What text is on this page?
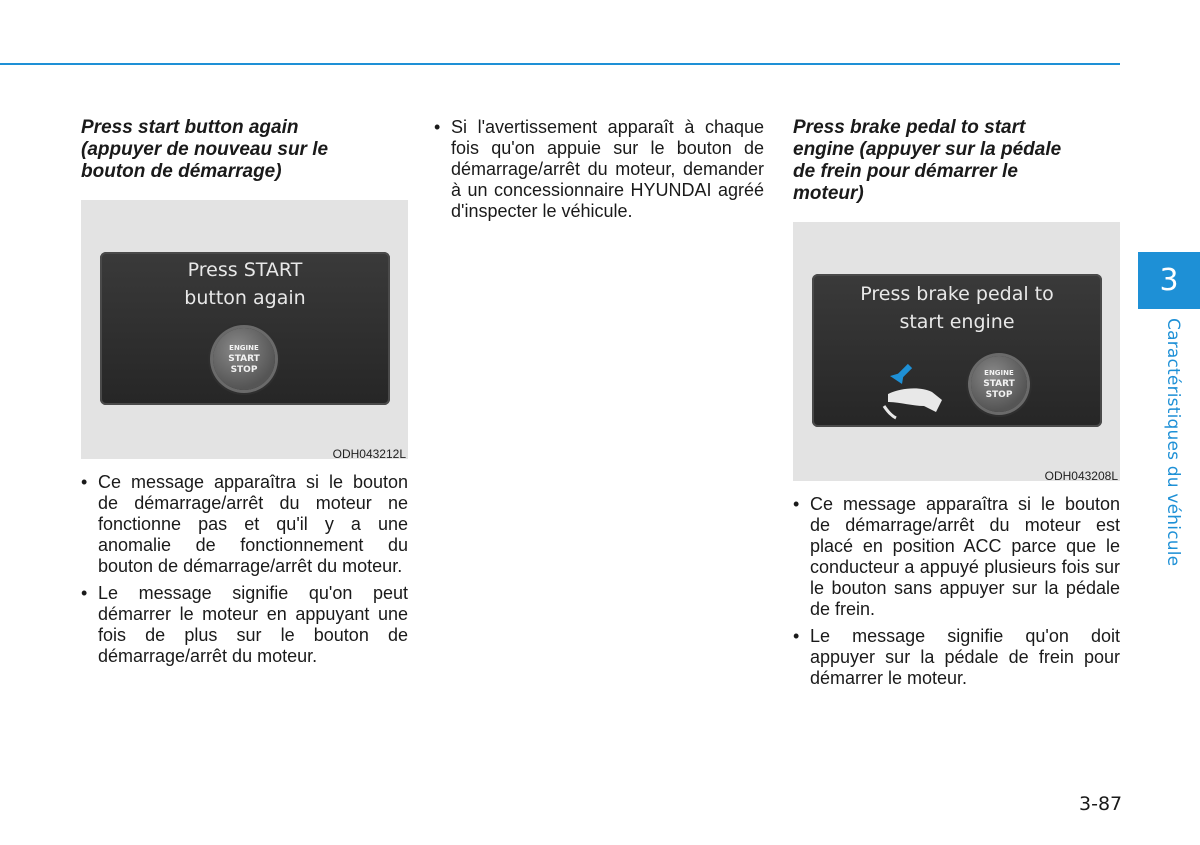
Press start button again
(appuyer de nouveau sur le
bouton de démarrage)
Press START
button again
ENGINE
START
STOP
ODH043212L
• Ce message apparaîtra si le bouton de démarrage/arrêt du moteur ne fonctionne pas et qu'il y a une anomalie de fonctionnement du bouton de démarrage/arrêt du moteur.
• Le message signifie qu'on peut démarrer le moteur en appuyant une fois de plus sur le bouton de démarrage/arrêt du moteur.
• Si l'avertissement apparaît à chaque fois qu'on appuie sur le bouton de démarrage/arrêt du moteur, demander à un concessionnaire HYUNDAI agréé d'inspecter le véhicule.
Press brake pedal to start
engine (appuyer sur la pédale
de frein pour démarrer le
moteur)
Press brake pedal to
start engine
ENGINE
START
STOP
ODH043208L
• Ce message apparaîtra si le bouton de démarrage/arrêt du moteur est placé en position ACC parce que le conducteur a appuyé plusieurs fois sur le bouton sans appuyer sur la pédale de frein.
• Le message signifie qu'on doit appuyer sur la pédale de frein pour démarrer le moteur.
3
Caractéristiques du véhicule
3-87
